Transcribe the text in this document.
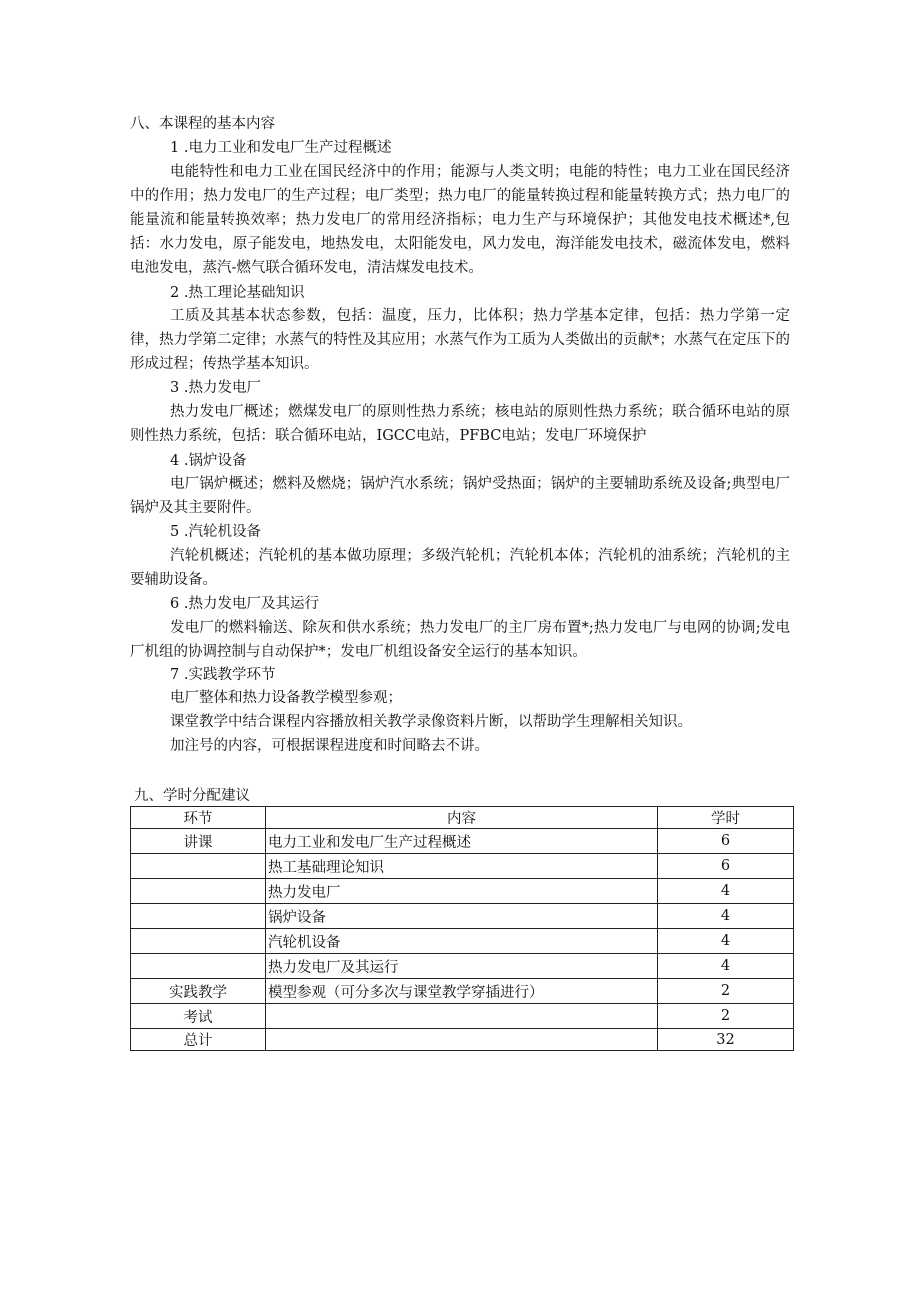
八、本课程的基本内容
1 .电力工业和发电厂生产过程概述
电能特性和电力工业在国民经济中的作用；能源与人类文明；电能的特性；电力工业在国民经济中的作用；热力发电厂的生产过程；电厂类型；热力电厂的能量转换过程和能量转换方式；热力电厂的能量流和能量转换效率；热力发电厂的常用经济指标；电力生产与环境保护；其他发电技术概述*,包括：水力发电，原子能发电，地热发电，太阳能发电，风力发电，海洋能发电技术，磁流体发电，燃料电池发电，蒸汽-燃气联合循环发电，清洁煤发电技术。
2 .热工理论基础知识
工质及其基本状态参数，包括：温度，压力，比体积；热力学基本定律，包括：热力学第一定律，热力学第二定律；水蒸气的特性及其应用；水蒸气作为工质为人类做出的贡献*；水蒸气在定压下的形成过程；传热学基本知识。
3 .热力发电厂
热力发电厂概述；燃煤发电厂的原则性热力系统；核电站的原则性热力系统；联合循环电站的原则性热力系统，包括：联合循环电站，IGCC电站，PFBC电站；发电厂环境保护
4 .锅炉设备
电厂锅炉概述；燃料及燃烧；锅炉汽水系统；锅炉受热面；锅炉的主要辅助系统及设备;典型电厂锅炉及其主要附件。
5 .汽轮机设备
汽轮机概述；汽轮机的基本做功原理；多级汽轮机；汽轮机本体；汽轮机的油系统；汽轮机的主要辅助设备。
6 .热力发电厂及其运行
发电厂的燃料输送、除灰和供水系统；热力发电厂的主厂房布置*;热力发电厂与电网的协调;发电厂机组的协调控制与自动保护*；发电厂机组设备安全运行的基本知识。
7 .实践教学环节
电厂整体和热力设备教学模型参观；
课堂教学中结合课程内容播放相关教学录像资料片断，以帮助学生理解相关知识。
加注号的内容，可根据课程进度和时间略去不讲。
九、学时分配建议
环节	内容	学时
讲课	电力工业和发电厂生产过程概述	6
	热工基础理论知识	6
	热力发电厂	4
	锅炉设备	4
	汽轮机设备	4
	热力发电厂及其运行	4
实践教学	模型参观（可分多次与课堂教学穿插进行）	2
考试		2
总计		32
